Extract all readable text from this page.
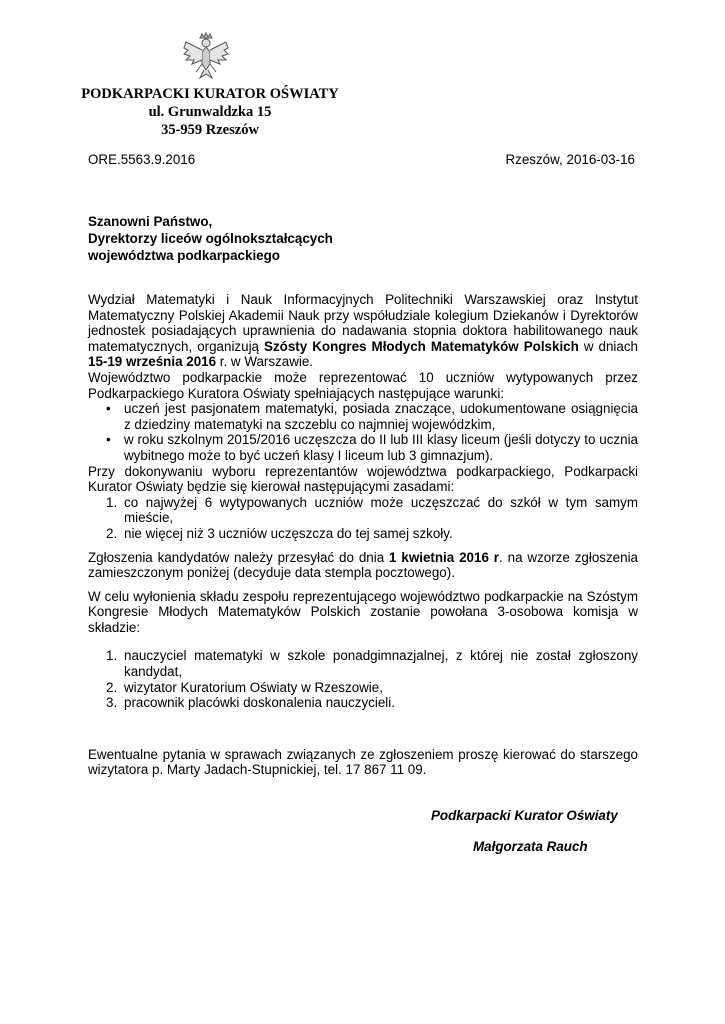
PODKARPACKI KURATOR OŚWIATY
ul. Grunwaldzka 15
35-959 Rzeszów
ORE.5563.9.2016	Rzeszów, 2016-03-16
Szanowni Państwo,
Dyrektorzy liceów ogólnokształcących
województwa podkarpackiego

Wydział Matematyki i Nauk Informacyjnych Politechniki Warszawskiej oraz Instytut Matematyczny Polskiej Akademii Nauk przy współudziale kolegium Dziekanów i Dyrektorów jednostek posiadających uprawnienia do nadawania stopnia doktora habilitowanego nauk matematycznych, organizują Szósty Kongres Młodych Matematyków Polskich w dniach 15-19 września 2016 r. w Warszawie.

Województwo podkarpackie może reprezentować 10 uczniów wytypowanych przez Podkarpackiego Kuratora Oświaty spełniających następujące warunki:

• uczeń jest pasjonatem matematyki, posiada znaczące, udokumentowane osiągnięcia z dziedziny matematyki na szczeblu co najmniej wojewódzkim,
• w roku szkolnym 2015/2016 uczęszcza do II lub III klasy liceum (jeśli dotyczy to ucznia wybitnego może to być uczeń klasy I liceum lub 3 gimnazjum).

Przy dokonywaniu wyboru reprezentantów województwa podkarpackiego, Podkarpacki Kurator Oświaty będzie się kierował następującymi zasadami:

1. co najwyżej 6 wytypowanych uczniów może uczęszczać do szkół w tym samym mieście,
2. nie więcej niż 3 uczniów uczęszcza do tej samej szkoły.

Zgłoszenia kandydatów należy przesyłać do dnia 1 kwietnia 2016 r. na wzorze zgłoszenia zamieszczonym poniżej (decyduje data stempla pocztowego).

W celu wyłonienia składu zespołu reprezentującego województwo podkarpackie na Szóstym Kongresie Młodych Matematyków Polskich zostanie powołana 3-osobowa komisja w składzie:

1. nauczyciel matematyki w szkole ponadgimnazjalnej, z której nie został zgłoszony kandydat,
2. wizytator Kuratorium Oświaty w Rzeszowie,
3. pracownik placówki doskonalenia nauczycieli.

Ewentualne pytania w sprawach związanych ze zgłoszeniem proszę kierować do starszego wizytatora p. Marty Jadach-Stupnickiej, tel. 17 867 11 09.

Podkarpacki Kurator Oświaty
Małgorzata Rauch
